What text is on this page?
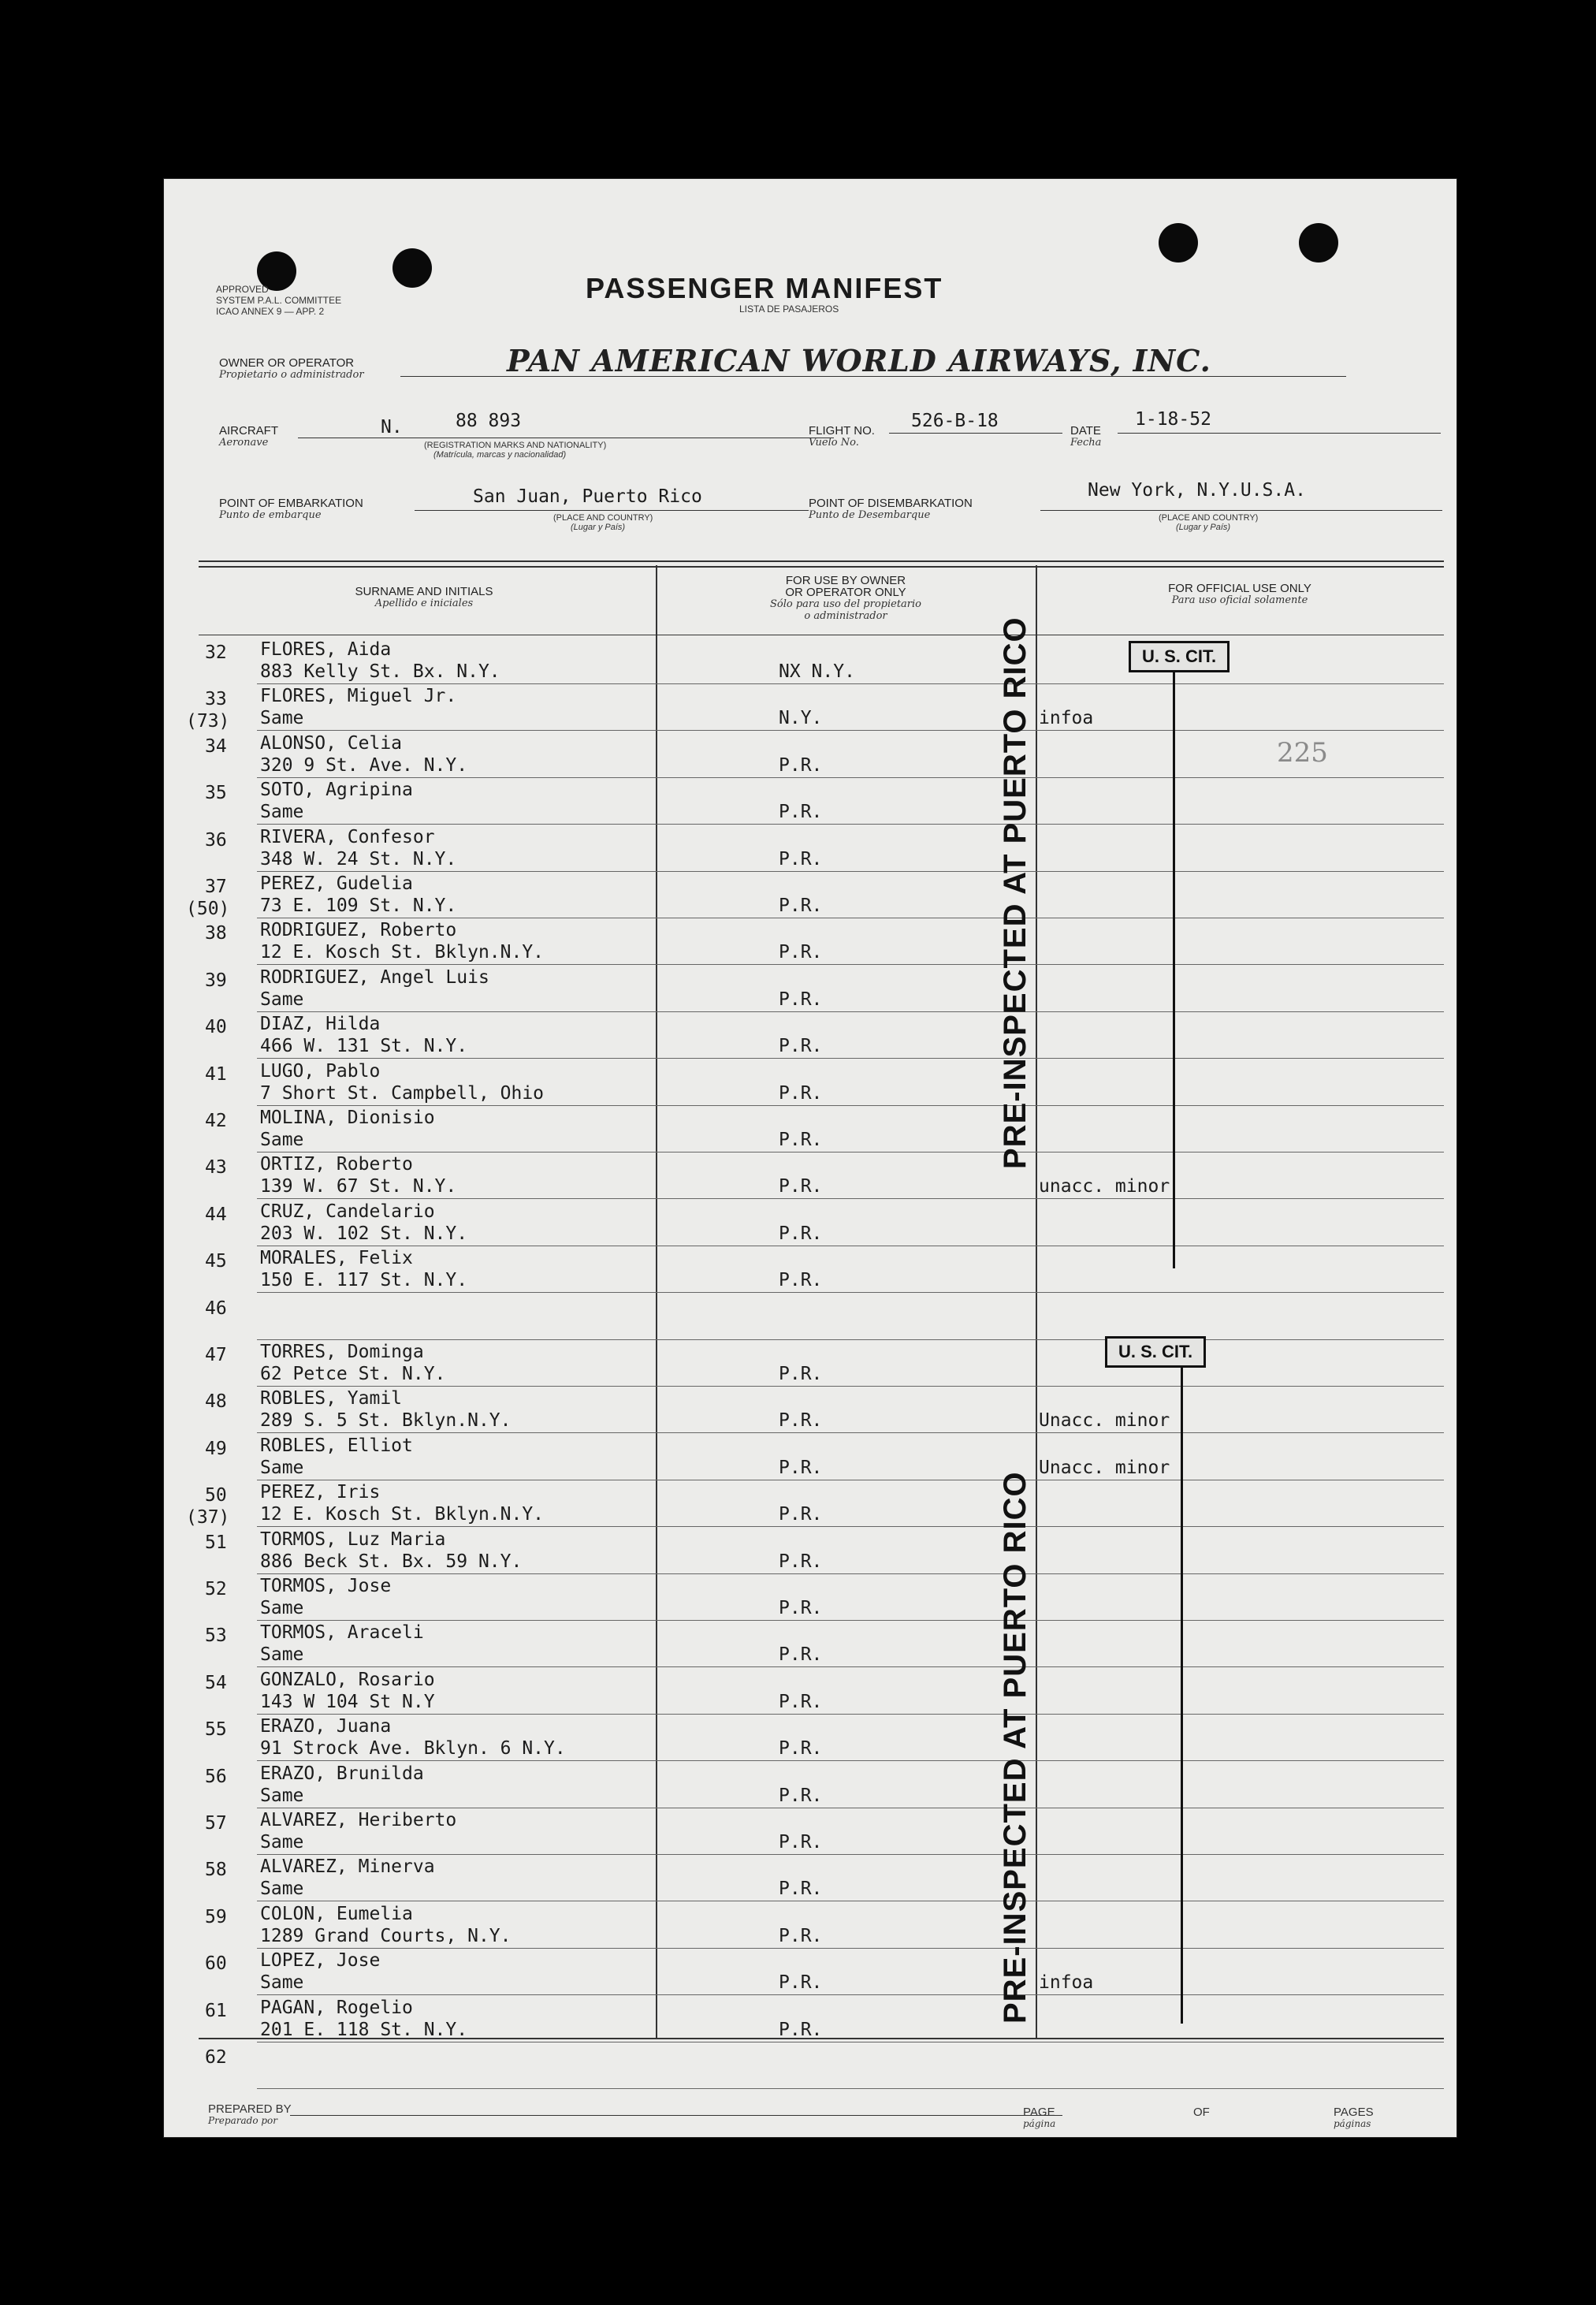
APPROVED
SYSTEM P.A.L. COMMITTEE
ICAO ANNEX 9 — APP. 2
PASSENGER MANIFEST
LISTA DE PASAJEROS
OWNER OR OPERATOR
Propietario o administrador	PAN AMERICAN WORLD AIRWAYS, INC.
AIRCRAFT
Aeronave
N.	88 893
(REGISTRATION MARKS AND NATIONALITY)
(Matrícula, marcas y nacionalidad)
FLIGHT NO.
Vuelo No.
526-B-18	DATE
Fecha
1-18-52
POINT OF EMBARKATION
Punto de embarque
San Juan, Puerto Rico
(PLACE AND COUNTRY)
(Lugar y País)
POINT OF DISEMBARKATION
Punto de Desembarque
New York, N.Y.U.S.A.
(PLACE AND COUNTRY)
(Lugar y País)
SURNAME AND INITIALS
Apellido e iniciales
FOR USE BY OWNER
OR OPERATOR ONLY
Sólo para uso del propietario
o administrador
FOR OFFICIAL USE ONLY
Para uso oficial solamente
32 FLORES, Aida
883 Kelly St. Bx. N.Y.	NX N.Y.
33
(73)
FLORES, Miguel Jr.
Same	N.Y.	infoa
34 ALONSO, Celia
320 9 St. Ave. N.Y.	P.R.
35 SOTO, Agripina
Same	P.R.
36 RIVERA, Confesor
348 W. 24 St. N.Y.	P.R.
37
(50)
PEREZ, Gudelia
73 E. 109 St. N.Y.	P.R.
38 RODRIGUEZ, Roberto
12 E. Kosch St. Bklyn.N.Y.	P.R.
39 RODRIGUEZ, Angel Luis
Same	P.R.
40 DIAZ, Hilda
466 W. 131 St. N.Y.	P.R.
41 LUGO, Pablo
7 Short St. Campbell, Ohio	P.R.
42 MOLINA, Dionisio
Same	P.R.
43 ORTIZ, Roberto
139 W. 67 St. N.Y.	P.R.	unacc. minor
44 CRUZ, Candelario
203 W. 102 St. N.Y.	P.R.
45 MORALES, Felix
150 E. 117 St. N.Y.	P.R.
46
47 TORRES, Dominga
62 Petce St. N.Y.	P.R.
48 ROBLES, Yamil
289 S. 5 St. Bklyn.N.Y.	P.R.	Unacc. minor
49 ROBLES, Elliot
Same	P.R.	Unacc. minor
50
(37)
PEREZ, Iris
12 E. Kosch St. Bklyn.N.Y.	P.R.
51 TORMOS, Luz Maria
886 Beck St. Bx. 59 N.Y.	P.R.
52 TORMOS, Jose
Same	P.R.
53 TORMOS, Araceli
Same	P.R.
54 GONZALO, Rosario
143 W 104 St N.Y	P.R.
55 ERAZO, Juana
91 Strock Ave. Bklyn. 6 N.Y.	P.R.
56 ERAZO, Brunilda
Same	P.R.
57 ALVAREZ, Heriberto
Same	P.R.
58 ALVAREZ, Minerva
Same	P.R.
59 COLON, Eumelia
1289 Grand Courts, N.Y.	P.R.
60 LOPEZ, Jose
Same	P.R.	infoa
61 PAGAN, Rogelio
201 E. 118 St. N.Y.	P.R.
62
U. S. CIT.
U. S. CIT.
225
PRE-INSPECTED AT PUERTO RICO
PRE-INSPECTED AT PUERTO RICO
PREPARED BY
Preparado por
PAGE
página
OF	PAGES
páginas
